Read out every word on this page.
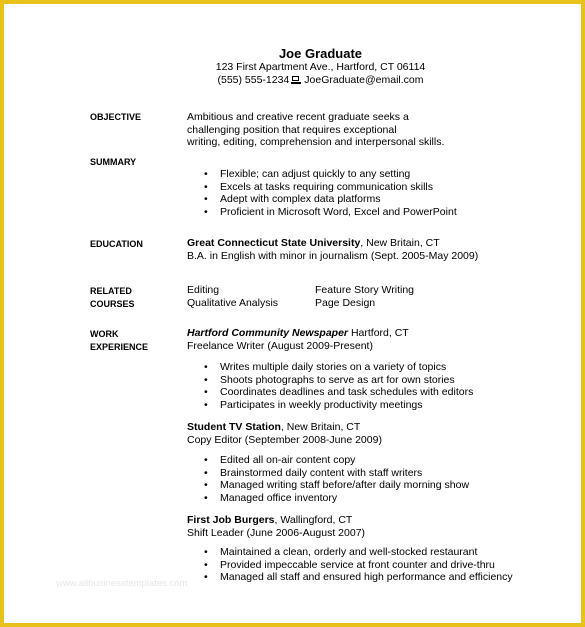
Joe Graduate
123 First Apartment Ave., Hartford, CT 06114
(555) 555-1234 JoeGraduate@email.com
OBJECTIVE	Ambitious and creative recent graduate seeks a
challenging position that requires exceptional
writing, editing, comprehension and interpersonal skills.
SUMMARY
• Flexible; can adjust quickly to any setting
• Excels at tasks requiring communication skills
• Adept with complex data platforms
• Proficient in Microsoft Word, Excel and PowerPoint
EDUCATION	Great Connecticut State University, New Britain, CT
B.A. in English with minor in journalism (Sept. 2005-May 2009)
RELATED
COURSES
Editing
Qualitative Analysis
Feature Story Writing
Page Design
WORK
EXPERIENCE
Hartford Community Newspaper Hartford, CT
Freelance Writer (August 2009-Present)
• Writes multiple daily stories on a variety of topics
• Shoots photographs to serve as art for own stories
• Coordinates deadlines and task schedules with editors
• Participates in weekly productivity meetings
Student TV Station, New Britain, CT
Copy Editor (September 2008-June 2009)
• Edited all on-air content copy
• Brainstormed daily content with staff writers
• Managed writing staff before/after daily morning show
• Managed office inventory
First Job Burgers, Wallingford, CT
Shift Leader (June 2006-August 2007)
• Maintained a clean, orderly and well-stocked restaurant
• Provided impeccable service at front counter and drive-thru
• Managed all staff and ensured high performance and efficiency
www.allbusinesstemplates.com
